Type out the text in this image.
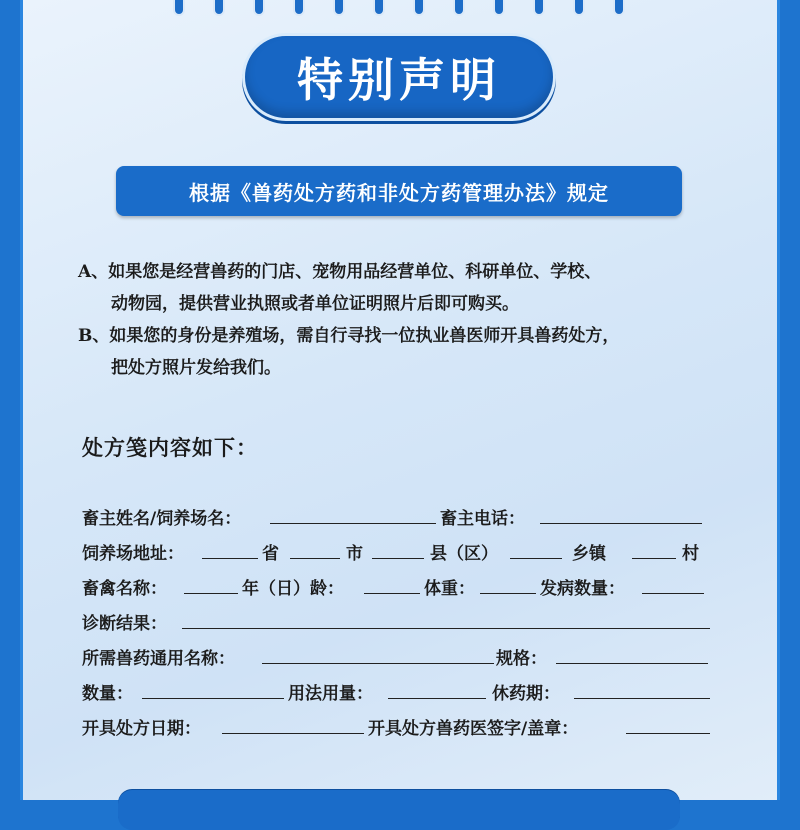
特别声明
根据《兽药处方药和非处方药管理办法》规定
A、如果您是经营兽药的门店、宠物用品经营单位、科研单位、学校、
动物园，提供营业执照或者单位证明照片后即可购买。
B、如果您的身份是养殖场，需自行寻找一位执业兽医师开具兽药处方，
把处方照片发给我们。
处方笺内容如下：
畜主姓名/饲养场名：	畜主电话：
饲养场地址：	省	市	县（区）	乡镇	村
畜禽名称：	年（日）龄：	体重：	发病数量：
诊断结果：
所需兽药通用名称：	规格：
数量：	用法用量：	休药期：
开具处方日期：	开具处方兽药医签字/盖章：
